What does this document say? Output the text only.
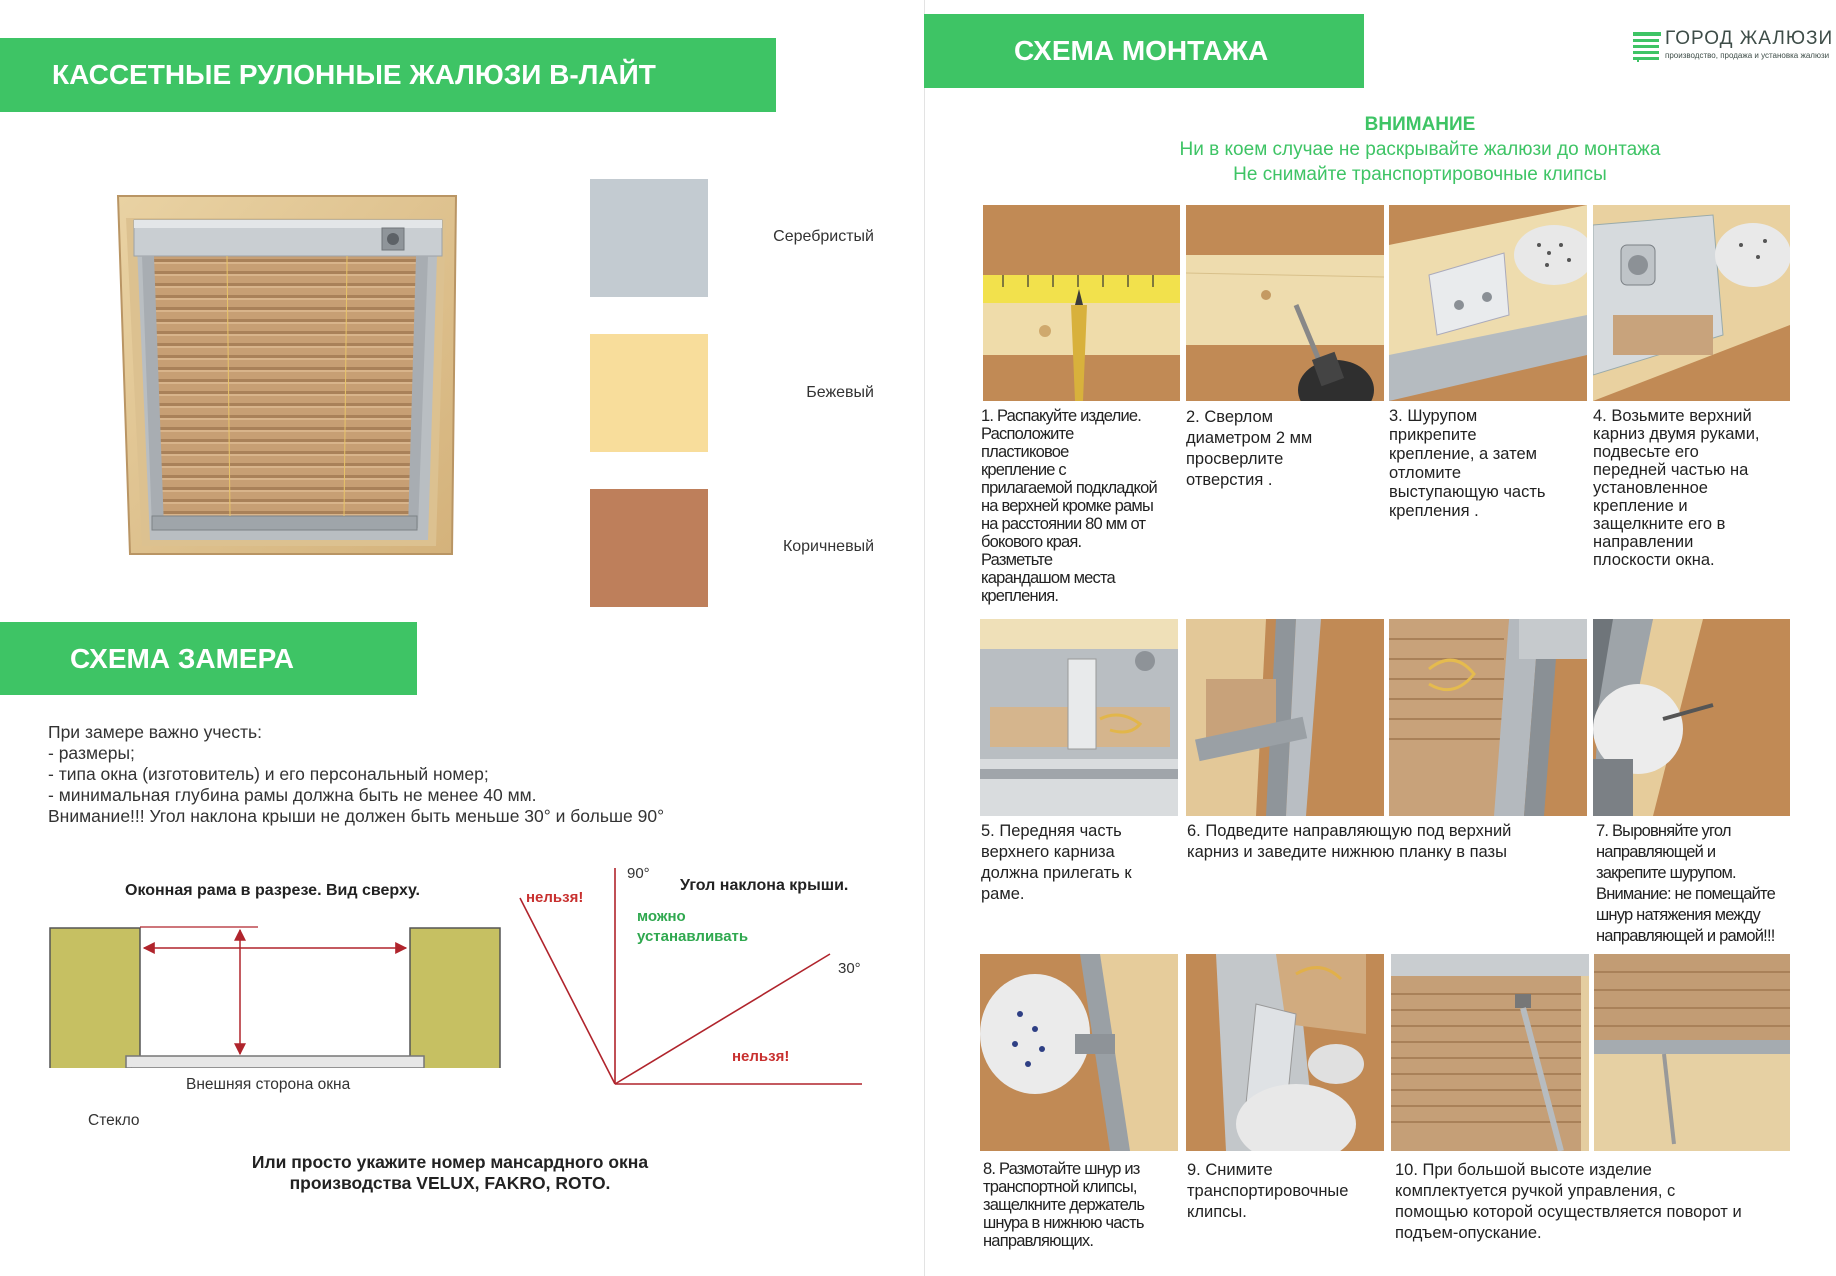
КАССЕТНЫЕ РУЛОННЫЕ ЖАЛЮЗИ В-ЛАЙТ
Серебристый
Бежевый
Коричневый
СХЕМА ЗАМЕРА
При замере важно учесть:
- размеры;
- типа окна (изготовитель) и его персональный номер;
- минимальная глубина рамы должна быть не менее 40 мм.
Внимание!!! Угол наклона крыши не должен быть меньше 30° и больше 90°
Оконная рама в разрезе. Вид сверху.
Внешняя сторона окна
Стекло
90°
Угол наклона крыши.
нельзя!
можно
устанавливать
30°
нельзя!
Или просто укажите номер мансардного окна
производства VELUX, FAKRO, ROTO.
СХЕМА МОНТАЖА	ГОРОД ЖАЛЮЗИ
производство, продажа и установка жалюзи
ВНИМАНИЕ
Ни в коем случае не раскрывайте жалюзи до монтажа
Не снимайте транспортировочные клипсы
1. Распакуйте изделие.
Расположите
пластиковое
крепление с
прилагаемой подкладкой
на верхней кромке рамы
на расстоянии 80 мм от
бокового края.
Разметьте
карандашом места
крепления.
2. Сверлом
диаметром 2 мм
просверлите
отверстия .
3. Шурупом
прикрепите
крепление, а затем
отломите
выступающую часть
крепления .
4. Возьмите верхний
карниз двумя руками,
подвесьте его
передней частью на
установленное
крепление и
защелкните его в
направлении
плоскости окна.
5. Передняя часть
верхнего карниза
должна прилегать к
раме.
6. Подведите направляющую под верхний
карниз и заведите нижнюю планку в пазы
7. Выровняйте угол
направляющей и
закрепите шурупом.
Внимание: не помещайте
шнур натяжения между
направляющей и рамой!!!
8. Размотайте шнур из
транспортной клипсы,
защелкните держатель
шнура в нижнюю часть
направляющих.
9. Снимите
транспортировочные
клипсы.
10. При большой высоте изделие
комплектуется ручкой управления, с
помощью которой осуществляется поворот и
подъем-опускание.
